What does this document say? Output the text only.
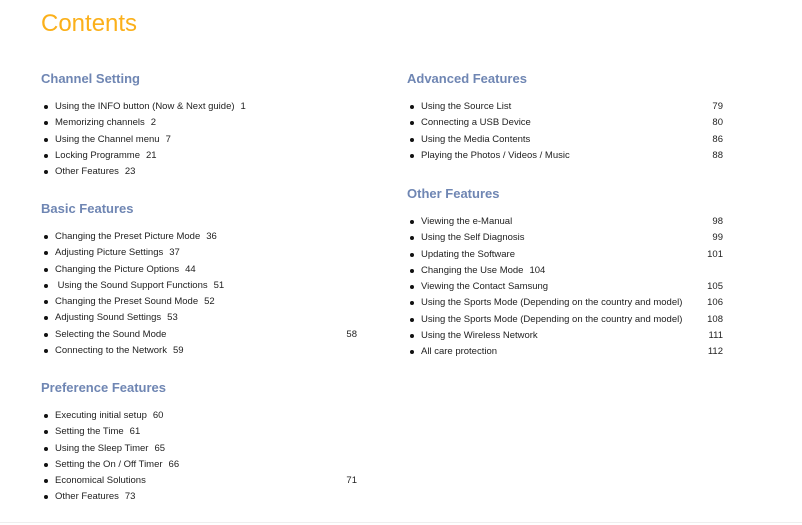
Contents
Channel Setting
Using the INFO button (Now & Next guide) 1
Memorizing channels 2
Using the Channel menu 7
Locking Programme 21
Other Features 23
Basic Features
Changing the Preset Picture Mode 36
Adjusting Picture Settings 37
Changing the Picture Options 44
Using the Sound Support Functions 51
Changing the Preset Sound Mode 52
Adjusting Sound Settings 53
Selecting the Sound Mode	58
Connecting to the Network 59
Preference Features
Executing initial setup 60
Setting the Time 61
Using the Sleep Timer 65
Setting the On / Off Timer 66
Economical Solutions	71
Other Features 73
Advanced Features
Using the Source List	79
Connecting a USB Device	80
Using the Media Contents	86
Playing the Photos / Videos / Music	88
Other Features
Viewing the e-Manual	98
Using the Self Diagnosis	99
Updating the Software	101
Changing the Use Mode 104
Viewing the Contact Samsung	105
Using the Sports Mode (Depending on the country and model)	106
Using the Sports Mode (Depending on the country and model)	108
Using the Wireless Network	111
All care protection	112
